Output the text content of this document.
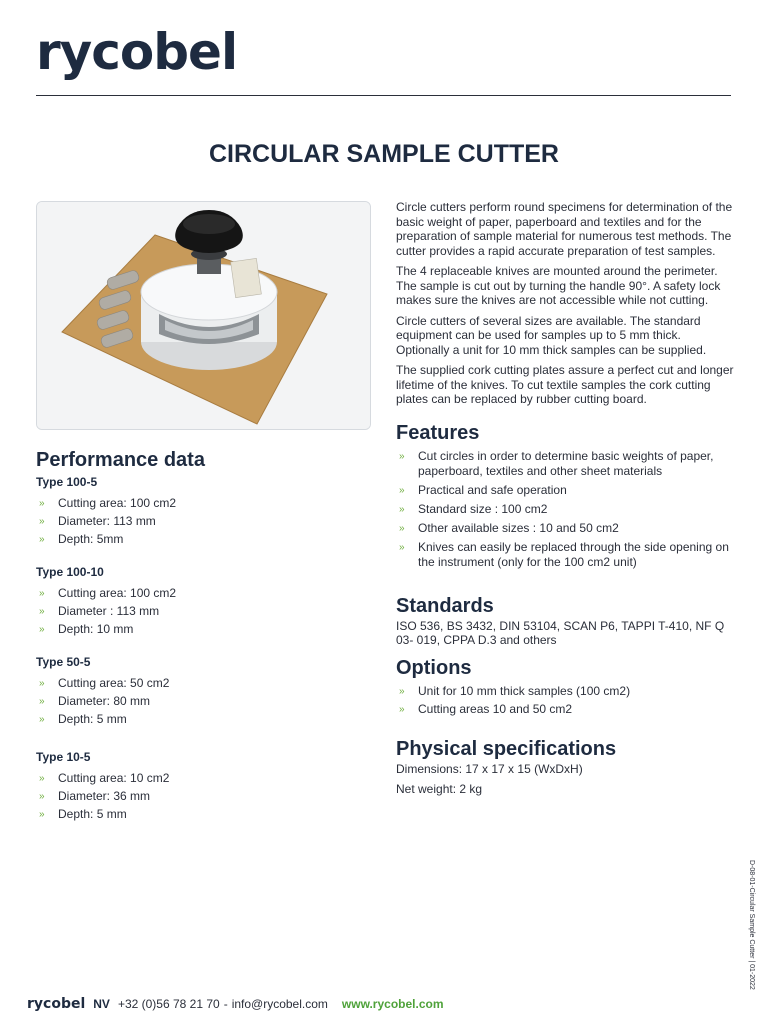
rycobel
CIRCULAR SAMPLE CUTTER
Performance data
Type 100-5
» Cutting area: 100 cm2
» Diameter: 113 mm
» Depth: 5mm
Type 100-10
» Cutting area: 100 cm2
» Diameter : 113 mm
» Depth: 10 mm
Type 50-5
» Cutting area: 50 cm2
» Diameter: 80 mm
» Depth: 5 mm
Type 10-5
» Cutting area: 10 cm2
» Diameter: 36 mm
» Depth: 5 mm

Circle cutters perform round specimens for determination of the basic weight of paper, paperboard and textiles and for the preparation of sample material for numerous test methods. The cutter provides a rapid accurate preparation of test samples.

The 4 replaceable knives are mounted around the perimeter. The sample is cut out by turning the handle 90°. A safety lock makes sure the knives are not accessible while not cutting.

Circle cutters of several sizes are available. The standard equipment can be used for samples up to 5 mm thick. Optionally a unit for 10 mm thick samples can be supplied.

The supplied cork cutting plates assure a perfect cut and longer lifetime of the knives. To cut textile samples the cork cutting plates can be replaced by rubber cutting board.

Features
» Cut circles in order to determine basic weights of paper, paperboard, textiles and other sheet materials
» Practical and safe operation
» Standard size : 100 cm2
» Other available sizes : 10 and 50 cm2
» Knives can easily be replaced through the side opening on the instrument (only for the 100 cm2 unit)
Standards

ISO 536, BS 3432, DIN 53104, SCAN P6, TAPPI T-410, NF Q 03- 019, CPPA D.3 and others

Options
» Unit for 10 mm thick samples (100 cm2)
» Cutting areas 10 and 50 cm2
Physical specifications

Dimensions: 17 x 17 x 15 (WxDxH)

Net weight: 2 kg

D-08-01-Circular Sample Cutter | 01-2022
rycobel NV +32 (0)56 78 21 70 - info@rycobel.com www.rycobel.com
